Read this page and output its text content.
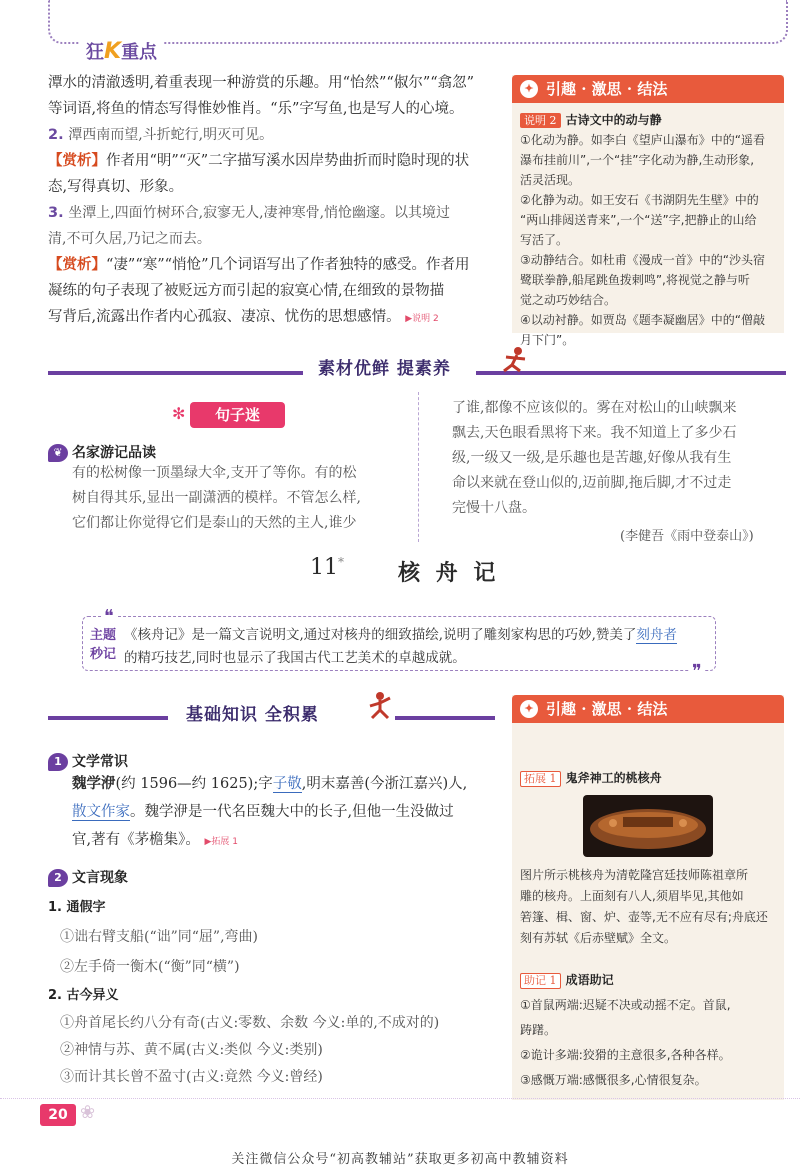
狂K重点
潭水的清澈透明,着重表现一种游赏的乐趣。用“怡然”“俶尔”“翕忽”
等词语,将鱼的情态写得惟妙惟肖。“乐”字写鱼,也是写人的心境。
2. 潭西南而望,斗折蛇行,明灭可见。
【赏析】作者用“明”“灭”二字描写溪水因岸势曲折而时隐时现的状
态,写得真切、形象。
3. 坐潭上,四面竹树环合,寂寥无人,凄神寒骨,悄怆幽邃。以其境过
清,不可久居,乃记之而去。
【赏析】“凄”“寒”“悄怆”几个词语写出了作者独特的感受。作者用
凝练的句子表现了被贬远方而引起的寂寞心情,在细致的景物描
写背后,流露出作者内心孤寂、凄凉、忧伤的思想感情。 ▶说明 2
✦ 引趣 · 激思 · 结法
说明 2 古诗文中的动与静
①化动为静。如李白《望庐山瀑布》中的“遥看
瀑布挂前川”,一个“挂”字化动为静,生动形象,
活灵活现。
②化静为动。如王安石《书湖阴先生壁》中的
“两山排闼送青来”,一个“送”字,把静止的山给
写活了。
③动静结合。如杜甫《漫成一首》中的“沙头宿
鹭联拳静,船尾跳鱼拨剌鸣”,将视觉之静与听
觉之动巧妙结合。
④以动衬静。如贾岛《题李凝幽居》中的“僧敲
月下门”。
素材优鲜 提素养
句子迷
✻
❦ 名家游记品读
有的松树像一顶墨绿大伞,支开了等你。有的松
树自得其乐,显出一副潇洒的模样。不管怎么样,
它们都让你觉得它们是泰山的天然的主人,谁少
了谁,都像不应该似的。雾在对松山的山峡飘来
飘去,天色眼看黑将下来。我不知道上了多少石
级,一级又一级,是乐趣也是苦趣,好像从我有生
命以来就在登山似的,迈前脚,拖后脚,才不过走
完慢十八盘。
(李健吾《雨中登泰山》)
11* 核 舟 记
❝
❞
主题
秒记
《核舟记》是一篇文言说明文,通过对核舟的细致描绘,说明了雕刻家构思的巧妙,赞美了刻舟者
的精巧技艺,同时也显示了我国古代工艺美术的卓越成就。
基础知识 全积累
1 文学常识
魏学洢(约 1596—约 1625);字子敬,明末嘉善(今浙江嘉兴)人,
散文作家。魏学洢是一代名臣魏大中的长子,但他一生没做过
官,著有《茅檐集》。 ▶拓展 1
2 文言现象
1. 通假字
①诎右臂支船(“诎”同“屈”,弯曲)
②左手倚一衡木(“衡”同“横”)
2. 古今异义
①舟首尾长约八分有奇(古义:零数、余数 今义:单的,不成对的)
②神情与苏、黄不属(古义:类似 今义:类别)
③而计其长曾不盈寸(古义:竟然 今义:曾经)
✦ 引趣 · 激思 · 结法
拓展 1 鬼斧神工的桃核舟
图片所示桃核舟为清乾隆宫廷技师陈祖章所
雕的核舟。上面刻有八人,须眉毕见,其他如
箬篷、楫、窗、炉、壶等,无不应有尽有;舟底还
刻有苏轼《后赤壁赋》全文。
助记 1 成语助记
①首鼠两端:迟疑不决或动摇不定。首鼠,
踌躇。
②诡计多端:狡猾的主意很多,各种各样。
③感慨万端:感慨很多,心情很复杂。
20 ❀
关注微信公众号“初高教辅站”获取更多初高中教辅资料
